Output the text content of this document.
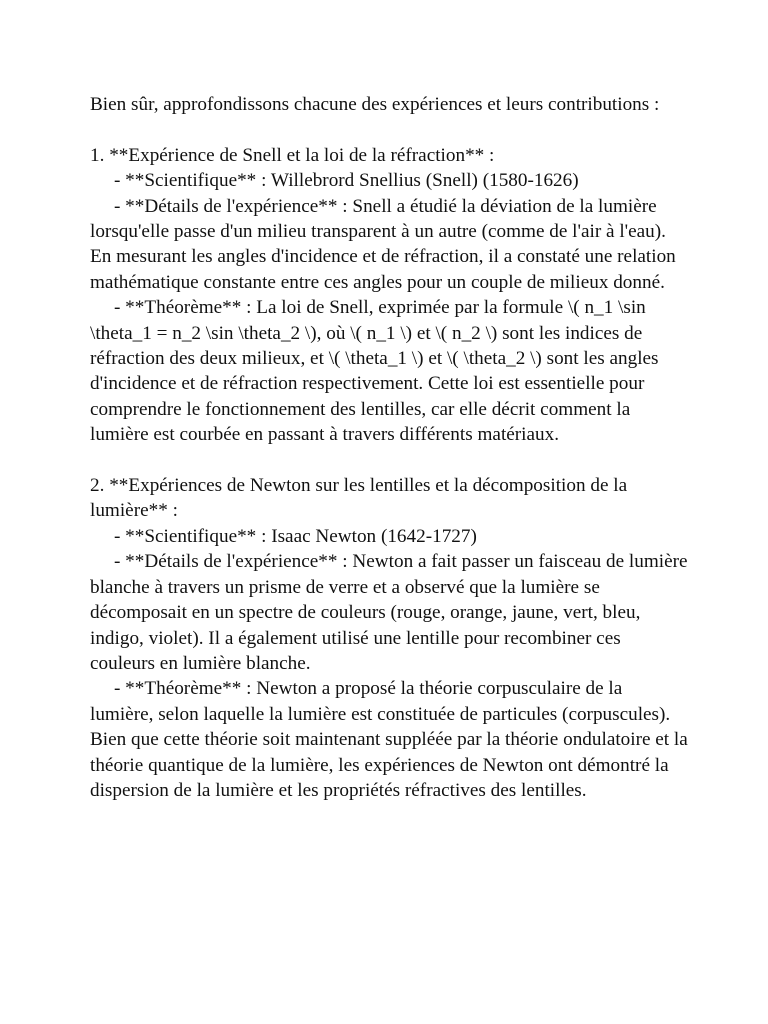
Bien sûr, approfondissons chacune des expériences et leurs contributions :

1. **Expérience de Snell et la loi de la réfraction** :

- **Scientifique** : Willebrord Snellius (Snell) (1580-1626)

- **Détails de l'expérience** : Snell a étudié la déviation de la lumière lorsqu'elle passe d'un milieu transparent à un autre (comme de l'air à l'eau). En mesurant les angles d'incidence et de réfraction, il a constaté une relation mathématique constante entre ces angles pour un couple de milieux donné.

- **Théorème** : La loi de Snell, exprimée par la formule \( n_1 \sin \theta_1 = n_2 \sin \theta_2 \), où \( n_1 \) et \( n_2 \) sont les indices de réfraction des deux milieux, et \( \theta_1 \) et \( \theta_2 \) sont les angles d'incidence et de réfraction respectivement. Cette loi est essentielle pour comprendre le fonctionnement des lentilles, car elle décrit comment la lumière est courbée en passant à travers différents matériaux.

2. **Expériences de Newton sur les lentilles et la décomposition de la lumière** :

- **Scientifique** : Isaac Newton (1642-1727)

- **Détails de l'expérience** : Newton a fait passer un faisceau de lumière blanche à travers un prisme de verre et a observé que la lumière se décomposait en un spectre de couleurs (rouge, orange, jaune, vert, bleu, indigo, violet). Il a également utilisé une lentille pour recombiner ces couleurs en lumière blanche.

- **Théorème** : Newton a proposé la théorie corpusculaire de la lumière, selon laquelle la lumière est constituée de particules (corpuscules). Bien que cette théorie soit maintenant suppléée par la théorie ondulatoire et la théorie quantique de la lumière, les expériences de Newton ont démontré la dispersion de la lumière et les propriétés réfractives des lentilles.
